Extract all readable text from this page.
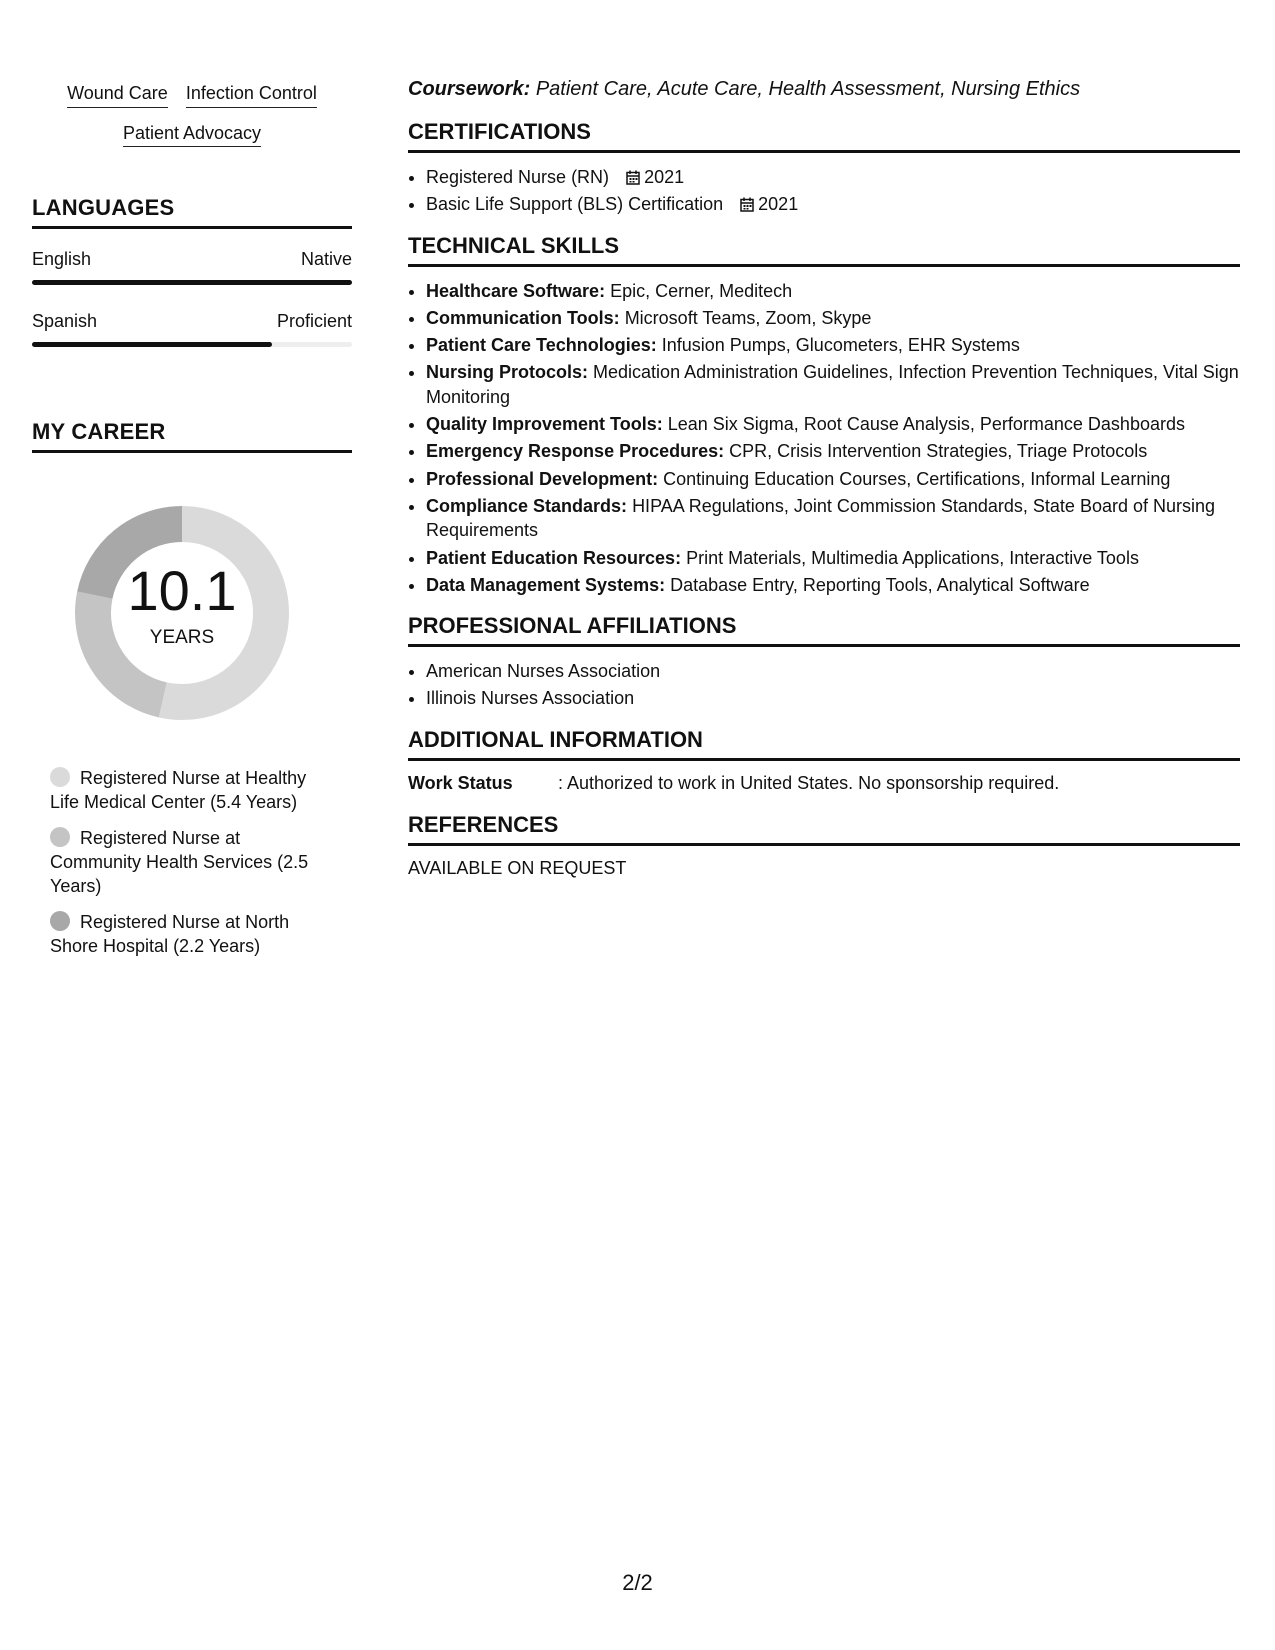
Wound Care Infection Control
Patient Advocacy
LANGUAGES
English	Native
Spanish	Proficient
MY CAREER
10.1
YEARS
Registered Nurse at Healthy Life Medical Center (5.4 Years)
Registered Nurse at Community Health Services (2.5 Years)
Registered Nurse at North Shore Hospital (2.2 Years)

Coursework: Patient Care, Acute Care, Health Assessment, Nursing Ethics

CERTIFICATIONS
• Registered Nurse (RN) 2021
• Basic Life Support (BLS) Certification 2021
TECHNICAL SKILLS
• Healthcare Software: Epic, Cerner, Meditech
• Communication Tools: Microsoft Teams, Zoom, Skype
• Patient Care Technologies: Infusion Pumps, Glucometers, EHR Systems
• Nursing Protocols: Medication Administration Guidelines, Infection Prevention Techniques, Vital Sign Monitoring
• Quality Improvement Tools: Lean Six Sigma, Root Cause Analysis, Performance Dashboards
• Emergency Response Procedures: CPR, Crisis Intervention Strategies, Triage Protocols
• Professional Development: Continuing Education Courses, Certifications, Informal Learning
• Compliance Standards: HIPAA Regulations, Joint Commission Standards, State Board of Nursing Requirements
• Patient Education Resources: Print Materials, Multimedia Applications, Interactive Tools
• Data Management Systems: Database Entry, Reporting Tools, Analytical Software
PROFESSIONAL AFFILIATIONS
• American Nurses Association
• Illinois Nurses Association
ADDITIONAL INFORMATION
Work Status	: Authorized to work in United States. No sponsorship required.
REFERENCES
AVAILABLE ON REQUEST
2/2
